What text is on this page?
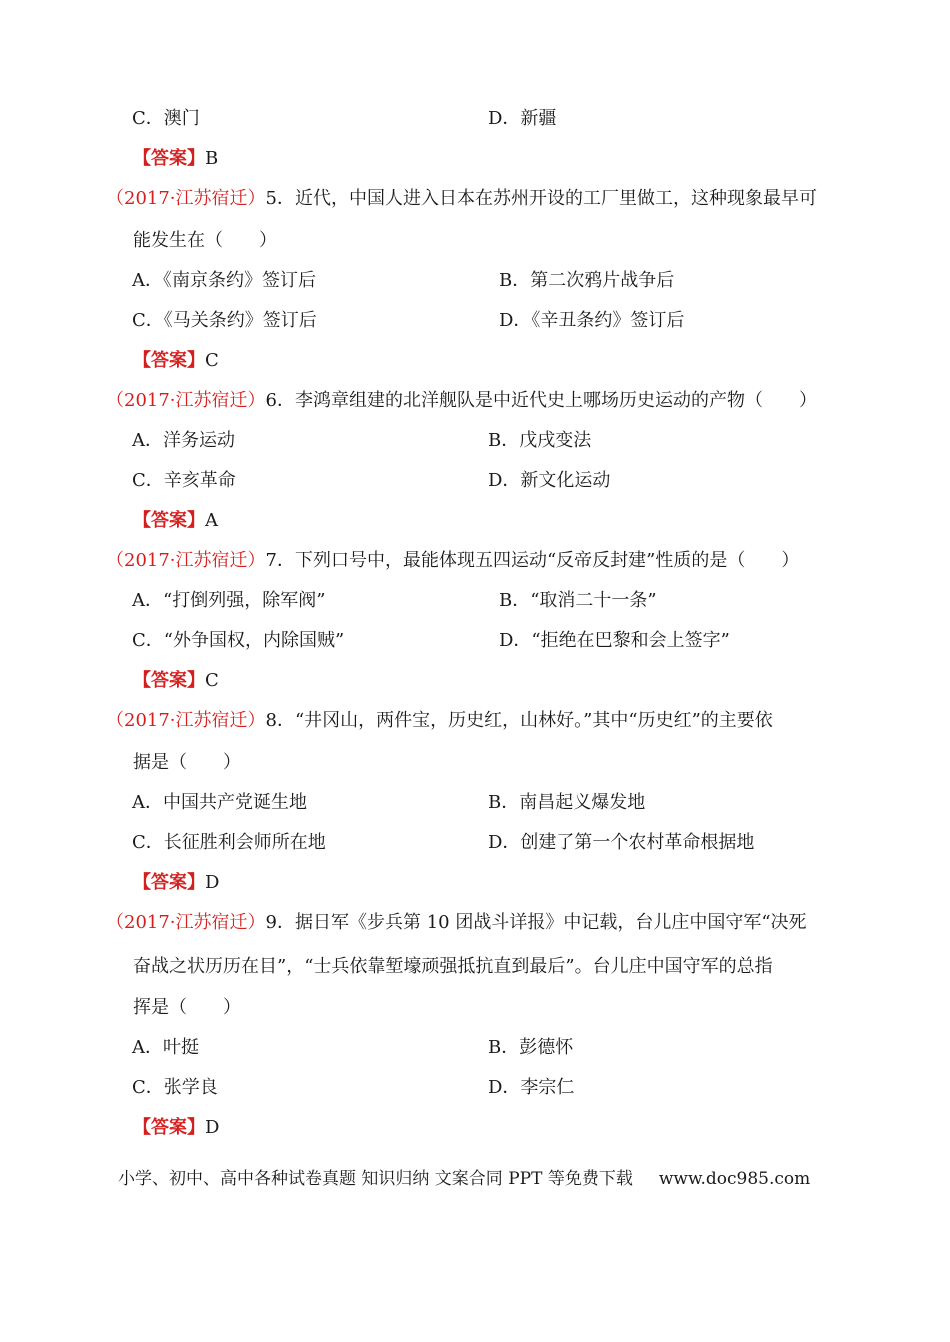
C．澳门	D．新疆
【答案】B
（2017·江苏宿迁）5．近代，中国人进入日本在苏州开设的工厂里做工，这种现象最早可
能发生在（　　）
A．《南京条约》签订后	B．第二次鸦片战争后
C．《马关条约》签订后	D．《辛丑条约》签订后
【答案】C
（2017·江苏宿迁）6．李鸿章组建的北洋舰队是中近代史上哪场历史运动的产物（　　）
A．洋务运动	B．戊戌变法
C．辛亥革命	D．新文化运动
【答案】A
（2017·江苏宿迁）7．下列口号中，最能体现五四运动“反帝反封建”性质的是（　　）
A．“打倒列强，除军阀”	B．“取消二十一条”
C．“外争国权，内除国贼”	D．“拒绝在巴黎和会上签字”
【答案】C
（2017·江苏宿迁）8．“井冈山，两件宝，历史红，山林好。”其中“历史红”的主要依
据是（　　）
A．中国共产党诞生地	B．南昌起义爆发地
C．长征胜利会师所在地	D．创建了第一个农村革命根据地
【答案】D
（2017·江苏宿迁）9．据日军《步兵第 10 团战斗详报》中记载，台儿庄中国守军“决死
奋战之状历历在目”，“士兵依靠堑壕顽强抵抗直到最后”。台儿庄中国守军的总指
挥是（　　）
A．叶挺	B．彭德怀
C．张学良	D．李宗仁
【答案】D
小学、初中、高中各种试卷真题 知识归纳 文案合同 PPT 等免费下载 www.doc985.com
